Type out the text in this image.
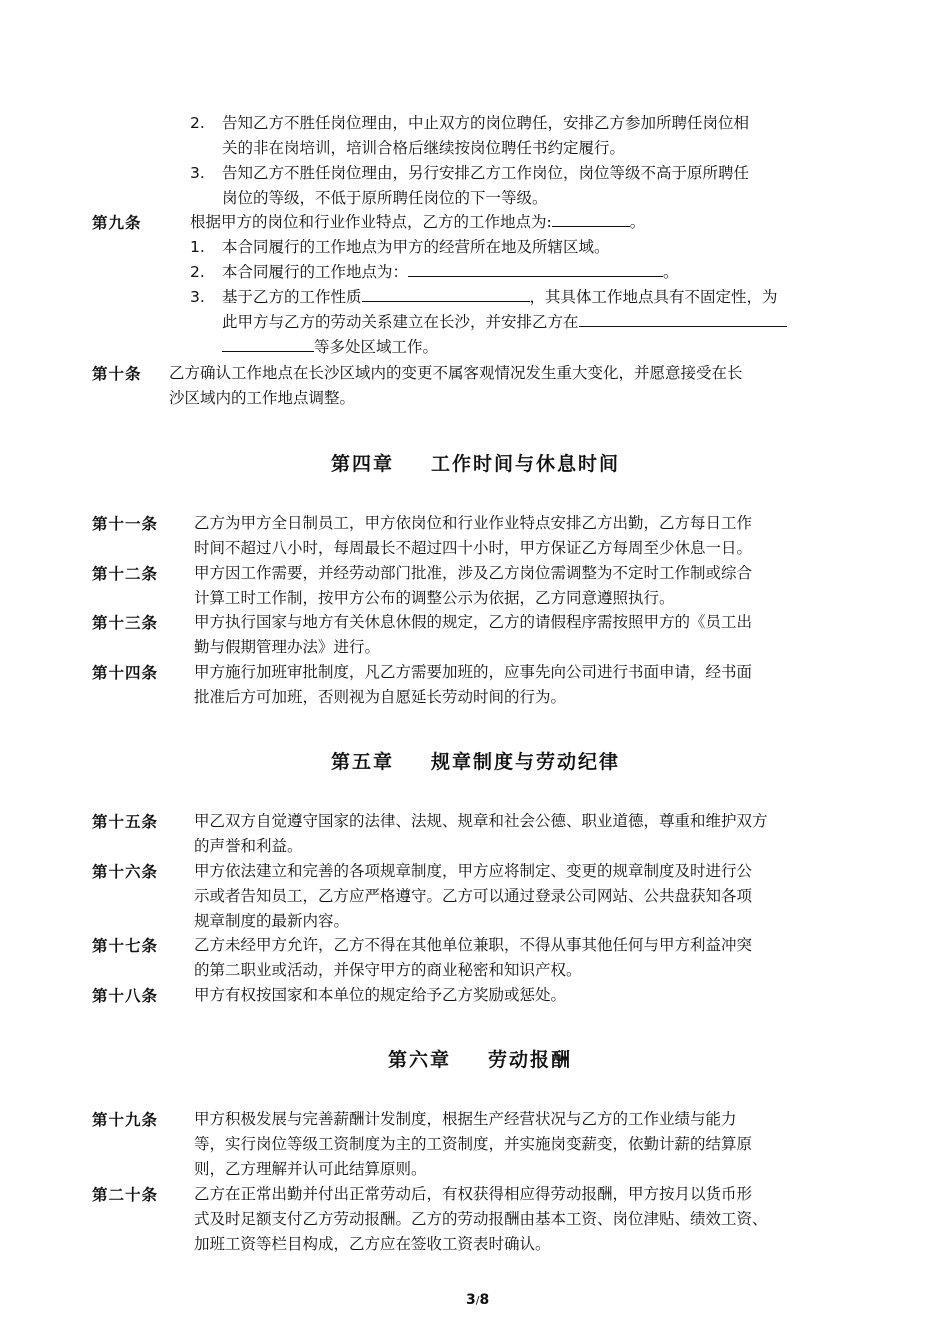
2. 告知乙方不胜任岗位理由，中止双方的岗位聘任，安排乙方参加所聘任岗位相
关的非在岗培训，培训合格后继续按岗位聘任书约定履行。
3. 告知乙方不胜任岗位理由，另行安排乙方工作岗位，岗位等级不高于原所聘任
岗位的等级，不低于原所聘任岗位的下一等级。
第九条	根据甲方的岗位和行业作业特点，乙方的工作地点为:	。
1. 本合同履行的工作地点为甲方的经营所在地及所辖区域。
2. 本合同履行的工作地点为：	。
3. 基于乙方的工作性质	，其具体工作地点具有不固定性，为
此甲方与乙方的劳动关系建立在长沙，并安排乙方在
等多处区域工作。
第十条 乙方确认工作地点在长沙区域内的变更不属客观情况发生重大变化，并愿意接受在长
沙区域内的工作地点调整。
第四章 工作时间与休息时间
第十一条 乙方为甲方全日制员工，甲方依岗位和行业作业特点安排乙方出勤，乙方每日工作
时间不超过八小时，每周最长不超过四十小时，甲方保证乙方每周至少休息一日。
第十二条 甲方因工作需要，并经劳动部门批准，涉及乙方岗位需调整为不定时工作制或综合
计算工时工作制，按甲方公布的调整公示为依据，乙方同意遵照执行。
第十三条 甲方执行国家与地方有关休息休假的规定，乙方的请假程序需按照甲方的《员工出
勤与假期管理办法》进行。
第十四条 甲方施行加班审批制度，凡乙方需要加班的，应事先向公司进行书面申请，经书面
批准后方可加班，否则视为自愿延长劳动时间的行为。
第五章 规章制度与劳动纪律
第十五条 甲乙双方自觉遵守国家的法律、法规、规章和社会公德、职业道德，尊重和维护双方
的声誉和利益。
第十六条 甲方依法建立和完善的各项规章制度，甲方应将制定、变更的规章制度及时进行公
示或者告知员工，乙方应严格遵守。乙方可以通过登录公司网站、公共盘获知各项
规章制度的最新内容。
第十七条 乙方未经甲方允许，乙方不得在其他单位兼职，不得从事其他任何与甲方利益冲突
的第二职业或活动，并保守甲方的商业秘密和知识产权。
第十八条 甲方有权按国家和本单位的规定给予乙方奖励或惩处。
第六章 劳动报酬
第十九条 甲方积极发展与完善薪酬计发制度，根据生产经营状况与乙方的工作业绩与能力
等，实行岗位等级工资制度为主的工资制度，并实施岗变薪变，依勤计薪的结算原
则，乙方理解并认可此结算原则。
第二十条 乙方在正常出勤并付出正常劳动后，有权获得相应得劳动报酬，甲方按月以货币形
式及时足额支付乙方劳动报酬。乙方的劳动报酬由基本工资、岗位津贴、绩效工资、
加班工资等栏目构成，乙方应在签收工资表时确认。
3/8
